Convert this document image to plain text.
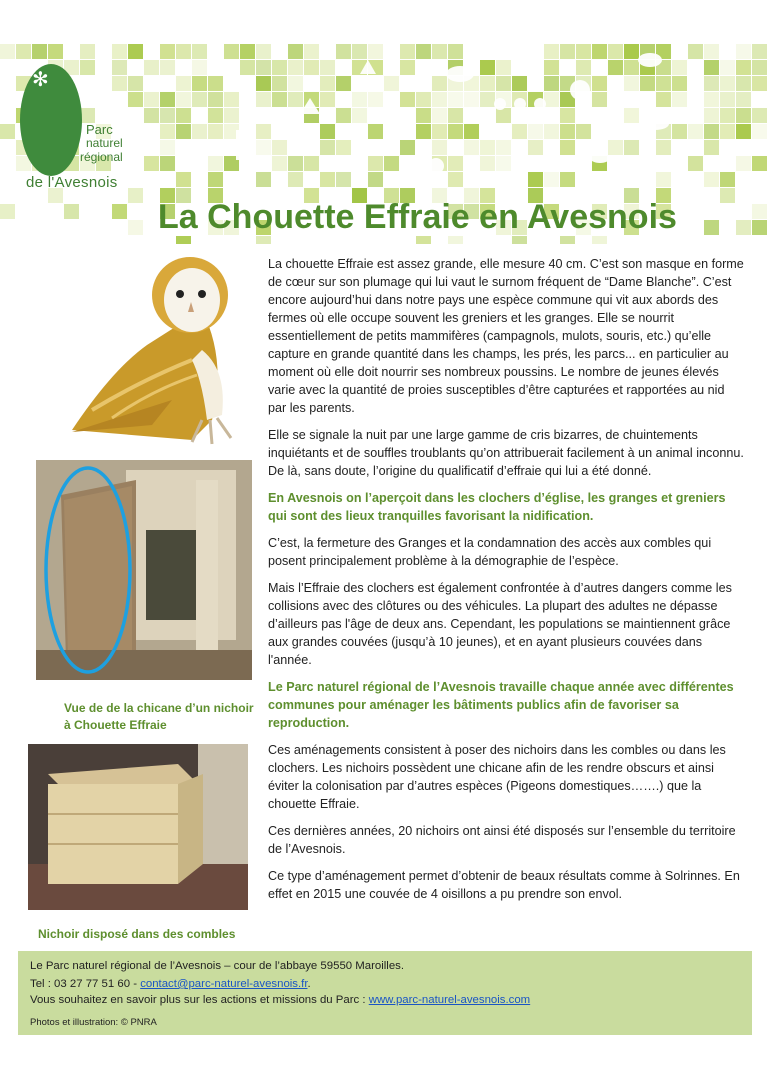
✻
Parc
naturel
régional
de l'Avesnois
La Chouette Effraie en Avesnois
Vue de de la chicane d’un nichoir à Chouette Effraie
Nichoir disposé dans des combles

La chouette Effraie est assez grande, elle mesure 40 cm. C’est son masque en forme de cœur sur son plumage qui lui vaut le surnom fréquent de “Dame Blanche”. C’est encore aujourd’hui dans notre pays une espèce commune qui vit aux abords des fermes où elle occupe souvent les greniers et les granges. Elle se nourrit essentiellement de petits mammifères (campagnols, mulots, souris, etc.) qu’elle capture en grande quantité dans les champs, les prés, les parcs... en particulier au moment où elle doit nourrir ses nombreux poussins. Le nombre de jeunes élevés varie avec la quantité de proies susceptibles d’être capturées et rapportées au nid par les parents.

Elle se signale la nuit par une large gamme de cris bizarres, de chuintements inquiétants et de souffles troublants qu’on attribuerait facilement à un animal inconnu. De là, sans doute, l’origine du qualificatif d’effraie qui lui a été donné.

En Avesnois on l’aperçoit dans les clochers d’église, les granges et greniers qui sont des lieux tranquilles favorisant la nidification.

C’est, la fermeture des Granges et la condamnation des accès aux combles qui posent principalement problème à la démographie de l’espèce.

Mais l’Effraie des clochers est également confrontée à d’autres dangers comme les collisions avec des clôtures ou des véhicules. La plupart des adultes ne dépasse d’ailleurs pas l'âge de deux ans. Cependant, les populations se maintiennent grâce aux grandes couvées (jusqu’à 10 jeunes), et en ayant plusieurs couvées dans l'année.

Le Parc naturel régional de l’Avesnois travaille chaque année avec différentes communes pour aménager les bâtiments publics afin de favoriser sa reproduction.

Ces aménagements consistent à poser des nichoirs dans les combles ou dans les clochers. Les nichoirs possèdent une chicane afin de les rendre obscurs et ainsi éviter la colonisation par d’autres espèces (Pigeons domestiques…….) que la chouette Effraie.

Ces dernières années, 20 nichoirs ont ainsi été disposés sur l’ensemble du territoire de l’Avesnois.

Ce type d’aménagement permet d’obtenir de beaux résultats comme à Solrinnes. En effet en 2015 une couvée de 4 oisillons a pu prendre son envol.

Le Parc naturel régional de l’Avesnois – cour de l’abbaye 59550 Maroilles.
Tel : 03 27 77 51 60 - contact@parc-naturel-avesnois.fr.
Vous souhaitez en savoir plus sur les actions et missions du Parc : www.parc-naturel-avesnois.com
Photos et illustration: © PNRA
